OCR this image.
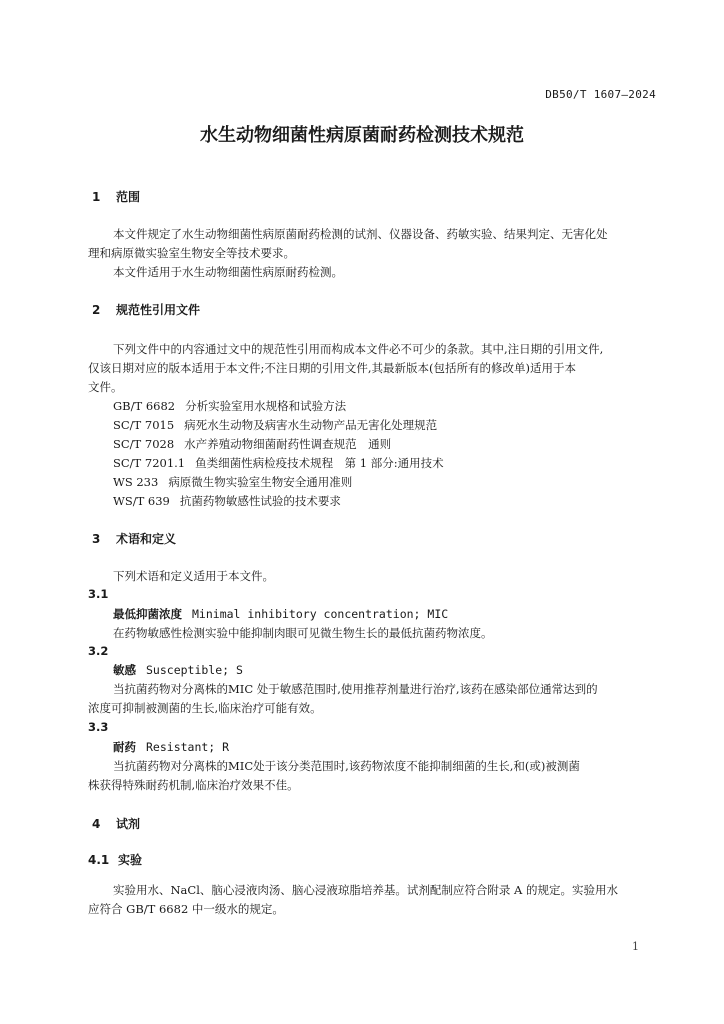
DB50/T 1607—2024
水生动物细菌性病原菌耐药检测技术规范
1 范围
本文件规定了水生动物细菌性病原菌耐药检测的试剂、仪器设备、药敏实验、结果判定、无害化处
理和病原微实验室生物安全等技术要求。
本文件适用于水生动物细菌性病原耐药检测。
2 规范性引用文件
下列文件中的内容通过文中的规范性引用而构成本文件必不可少的条款。其中,注日期的引用文件,
仅该日期对应的版本适用于本文件;不注日期的引用文件,其最新版本(包括所有的修改单)适用于本
文件。
GB/T 6682 分析实验室用水规格和试验方法
SC/T 7015 病死水生动物及病害水生动物产品无害化处理规范
SC/T 7028 水产养殖动物细菌耐药性调查规范　通则
SC/T 7201.1 鱼类细菌性病检疫技术规程　第 1 部分:通用技术
WS 233 病原微生物实验室生物安全通用准则
WS/T 639 抗菌药物敏感性试验的技术要求
3 术语和定义
下列术语和定义适用于本文件。
3.1
最低抑菌浓度 Minimal inhibitory concentration; MIC
在药物敏感性检测实验中能抑制肉眼可见微生物生长的最低抗菌药物浓度。
3.2
敏感 Susceptible; S
当抗菌药物对分离株的MIC 处于敏感范围时,使用推荐剂量进行治疗,该药在感染部位通常达到的
浓度可抑制被测菌的生长,临床治疗可能有效。
3.3
耐药 Resistant; R
当抗菌药物对分离株的MIC处于该分类范围时,该药物浓度不能抑制细菌的生长,和(或)被测菌
株获得特殊耐药机制,临床治疗效果不佳。
4 试剂
4.1 实验
实验用水、NaCl、脑心浸液肉汤、脑心浸液琼脂培养基。试剂配制应符合附录 A 的规定。实验用水
应符合 GB/T 6682 中一级水的规定。
1
